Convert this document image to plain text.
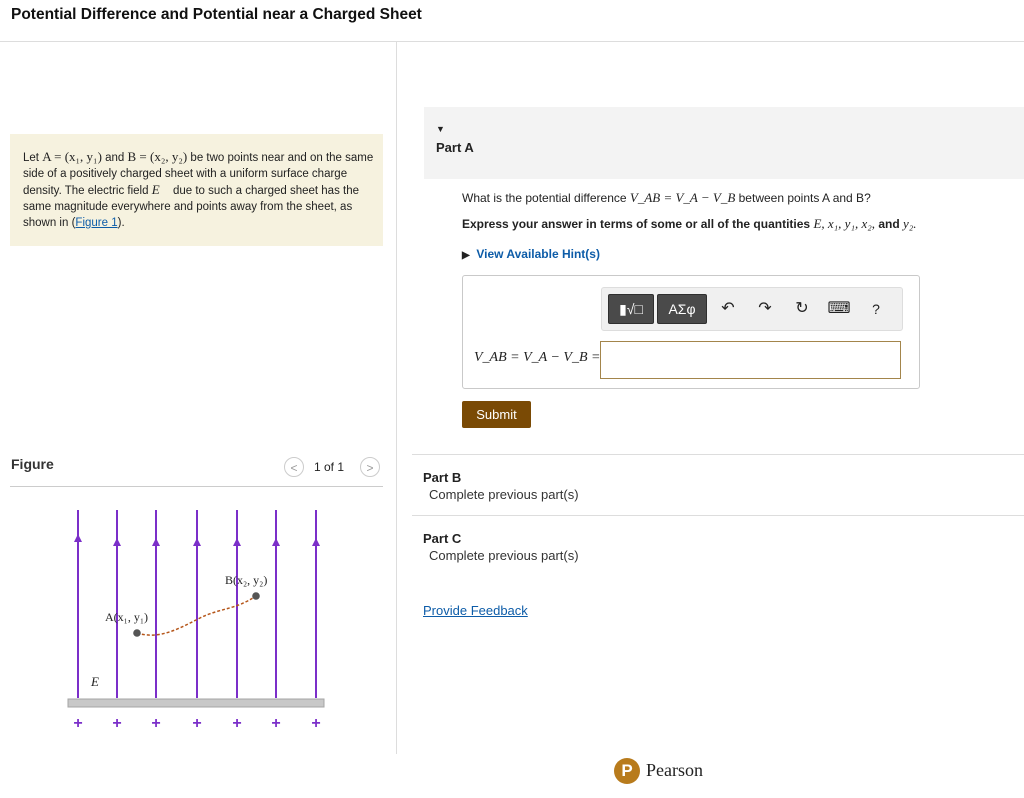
Potential Difference and Potential near a Charged Sheet
Let A = (x₁, y₁) and B = (x₂, y₂) be two points near and on the same side of a positively charged sheet with a uniform surface charge density. The electric field E⃗ due to such a charged sheet has the same magnitude everywhere and points away from the sheet, as shown in (Figure 1).
Figure	<	1 of 1	>
A(x₁, y₁)
B(x₂, y₂)
E⃗
+ + + + + + +
▼
Part A
What is the potential difference V_AB = V_A − V_B between points A and B?
Express your answer in terms of some or all of the quantities E, x₁, y₁, x₂, and y₂.
▶ View Available Hint(s)
▮√□	ΑΣφ	↶	↷	↻	⌨	?
V_AB = V_A − V_B =
Submit
Part B
Complete previous part(s)
Part C
Complete previous part(s)
Provide Feedback
P Pearson
